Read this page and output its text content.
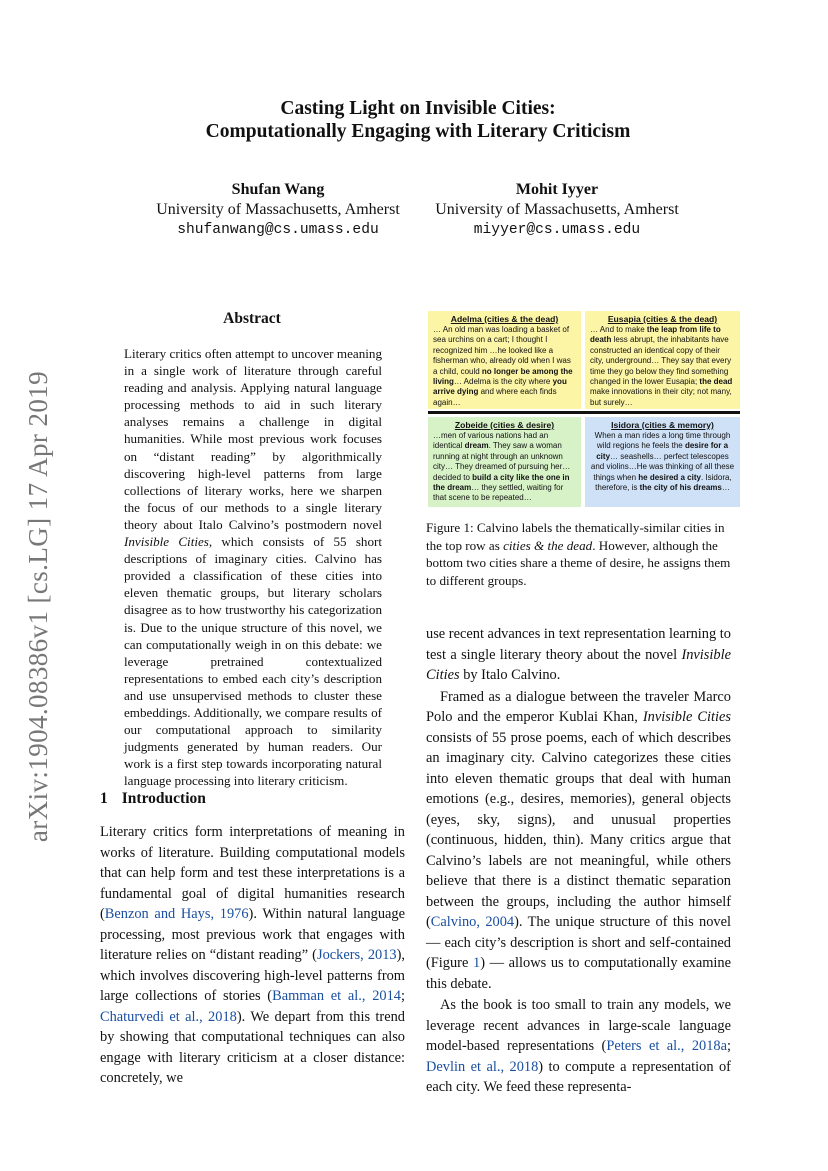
arXiv:1904.08386v1 [cs.LG] 17 Apr 2019
Casting Light on Invisible Cities:
Computationally Engaging with Literary Criticism
Shufan Wang
University of Massachusetts, Amherst
shufanwang@cs.umass.edu
Mohit Iyyer
University of Massachusetts, Amherst
miyyer@cs.umass.edu
Abstract
Literary critics often attempt to uncover meaning in a single work of literature through careful reading and analysis. Applying natural language processing methods to aid in such literary analyses remains a challenge in digital humanities. While most previous work focuses on “distant reading” by algorithmically discovering high-level patterns from large collections of literary works, here we sharpen the focus of our methods to a single literary theory about Italo Calvino’s postmodern novel Invisible Cities, which consists of 55 short descriptions of imaginary cities. Calvino has provided a classification of these cities into eleven thematic groups, but literary scholars disagree as to how trustworthy his categorization is. Due to the unique structure of this novel, we can computationally weigh in on this debate: we leverage pretrained contextualized representations to embed each city’s description and use unsupervised methods to cluster these embeddings. Additionally, we compare results of our computational approach to similarity judgments generated by human readers. Our work is a first step towards incorporating natural language processing into literary criticism.
Adelma (cities & the dead)
… An old man was loading a basket of sea urchins on a cart; I thought I recognized him …he looked like a fisherman who, already old when I was a child, could no longer be among the living… Adelma is the city where you arrive dying and where each finds again…
Eusapia (cities & the dead)
… And to make the leap from life to death less abrupt, the inhabitants have constructed an identical copy of their city, underground… They say that every time they go below they find something changed in the lower Eusapia; the dead make innovations in their city; not many, but surely…
Zobeide (cities & desire)
…men of various nations had an identical dream. They saw a woman running at night through an unknown city… They dreamed of pursuing her… decided to build a city like the one in the dream… they settled, waiting for that scene to be repeated…
Isidora (cities & memory)
When a man rides a long time through wild regions he feels the desire for a city… seashells… perfect telescopes and violins…He was thinking of all these things when he desired a city. Isidora, therefore, is the city of his dreams…
Figure 1: Calvino labels the thematically-similar cities in the top row as cities & the dead. However, although the bottom two cities share a theme of desire, he assigns them to different groups.
1 Introduction
Literary critics form interpretations of meaning in works of literature. Building computational models that can help form and test these interpretations is a fundamental goal of digital humanities research (Benzon and Hays, 1976). Within natural language processing, most previous work that engages with literature relies on “distant reading” (Jockers, 2013), which involves discovering high-level patterns from large collections of stories (Bamman et al., 2014; Chaturvedi et al., 2018). We depart from this trend by showing that computational techniques can also engage with literary criticism at a closer distance: concretely, we

use recent advances in text representation learning to test a single literary theory about the novel Invisible Cities by Italo Calvino.

Framed as a dialogue between the traveler Marco Polo and the emperor Kublai Khan, Invisible Cities consists of 55 prose poems, each of which describes an imaginary city. Calvino categorizes these cities into eleven thematic groups that deal with human emotions (e.g., desires, memories), general objects (eyes, sky, signs), and unusual properties (continuous, hidden, thin). Many critics argue that Calvino’s labels are not meaningful, while others believe that there is a distinct thematic separation between the groups, including the author himself (Calvino, 2004). The unique structure of this novel — each city’s description is short and self-contained (Figure 1) — allows us to computationally examine this debate.

As the book is too small to train any models, we leverage recent advances in large-scale language model-based representations (Peters et al., 2018a; Devlin et al., 2018) to compute a representation of each city. We feed these representa-
